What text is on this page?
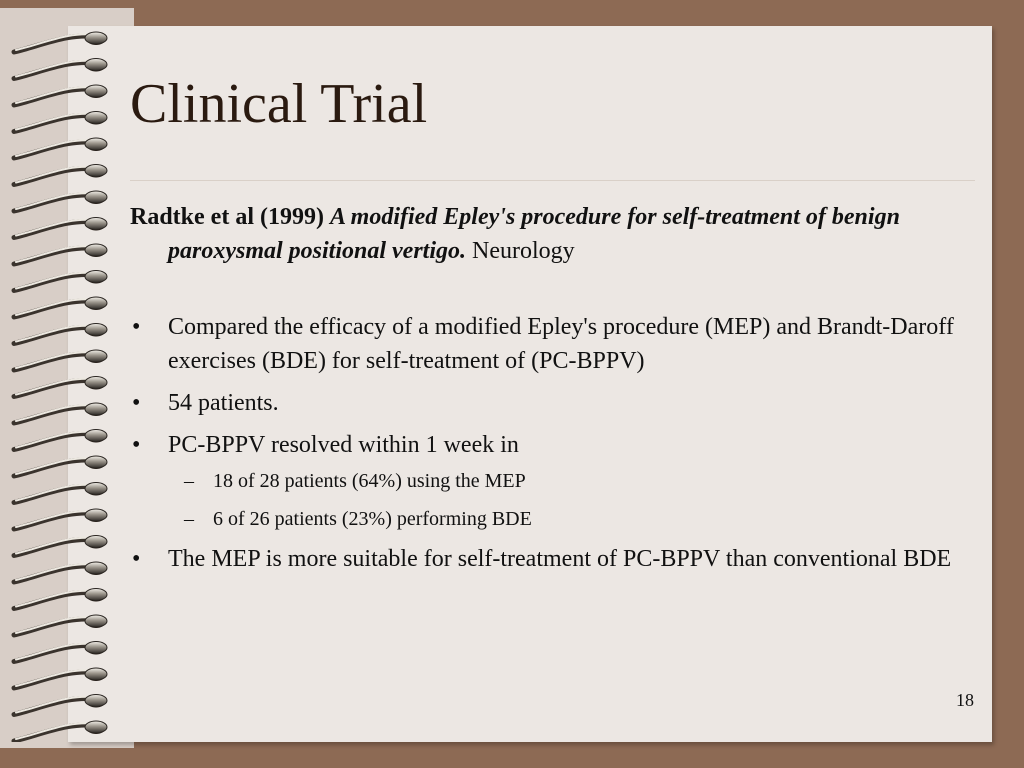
Clinical Trial

Radtke et al (1999) A modified Epley's procedure for self-treatment of benign paroxysmal positional vertigo. Neurology

• Compared the efficacy of a modified Epley's procedure (MEP) and Brandt-Daroff exercises (BDE) for self-treatment of (PC-BPPV)
• 54 patients.
• PC-BPPV resolved within 1 week in
– 18 of 28 patients (64%) using the MEP
– 6 of 26 patients (23%) performing BDE
• The MEP is more suitable for self-treatment of PC-BPPV than conventional BDE
18
